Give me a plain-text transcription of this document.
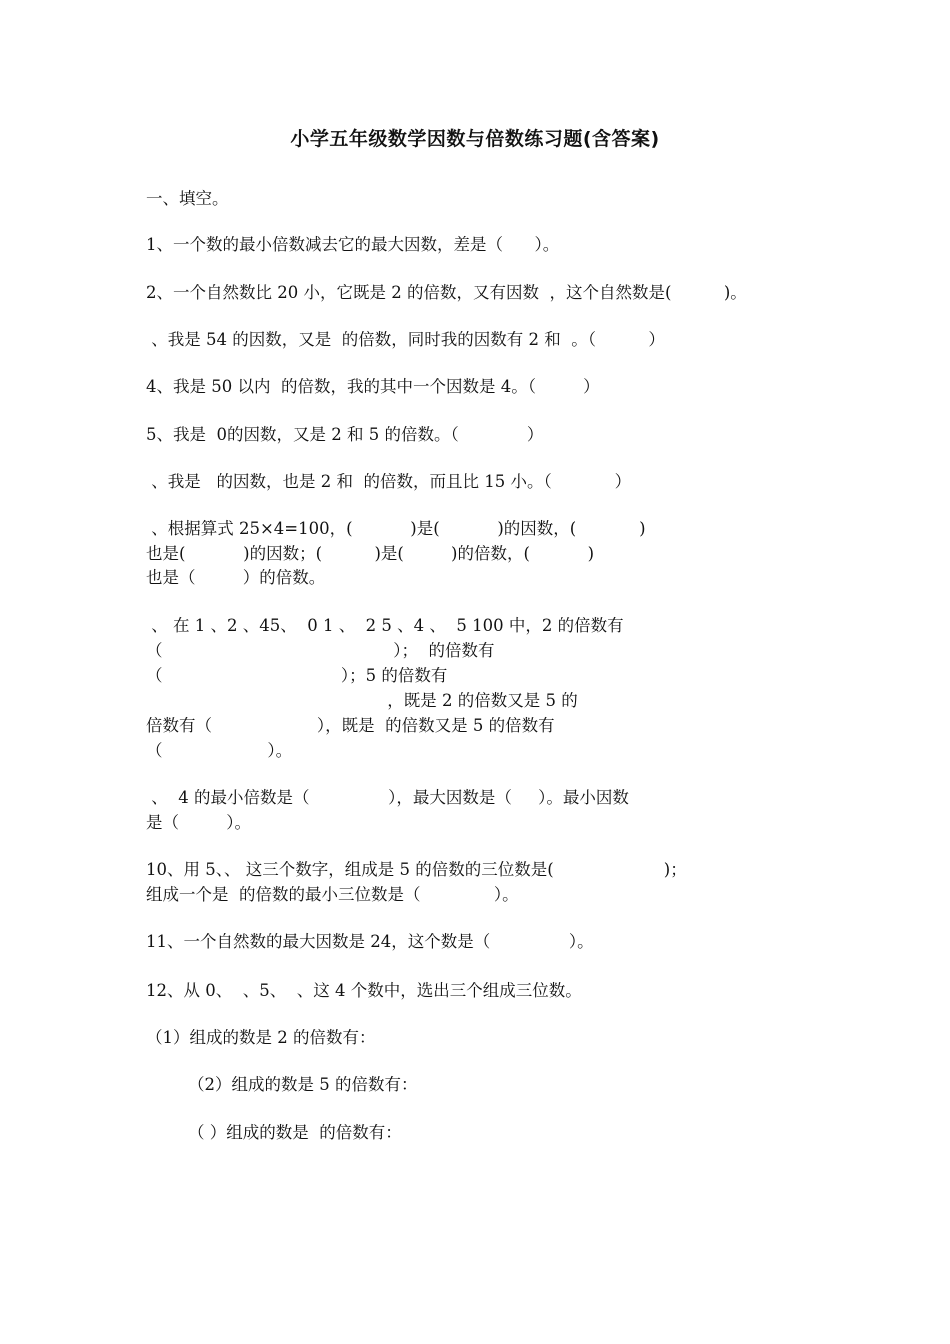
小学五年级数学因数与倍数练习题(含答案)
一、填空。
1、一个数的最小倍数减去它的最大因数，差是（      ）。
2、一个自然数比 20 小，它既是 2 的倍数，又有因数  ，这个自然数是(          )。
、我是 54 的因数，又是  的倍数，同时我的因数有 2 和  。（          ）
4、我是 50 以内  的倍数，我的其中一个因数是 4。（         ）
5、我是  0的因数，又是 2 和 5 的倍数。（             ）
、我是   的因数，也是 2 和  的倍数，而且比 15 小。（            ）
、根据算式 25×4=100，(           )是(           )的因数，(            )
也是(           )的因数；(          )是(         )的倍数，(           )
也是（         ）的倍数。
、 在 1 、2 、45、  0 1 、  2 5 、4 、  5 100 中，2 的倍数有
（                                            ）；  的倍数有
（                                  ）；5 的倍数有
，既是 2 的倍数又是 5 的
倍数有（                    ），既是  的倍数又是 5 的倍数有
（                    ）。
、  4 的最小倍数是（               ），最大因数是（     ）。最小因数
是（         ）。
10、用 5、、 这三个数字，组成是 5 的倍数的三位数是(                     )；
组成一个是  的倍数的最小三位数是（              ）。
11、一个自然数的最大因数是 24，这个数是（               ）。
12、从 0、  、5、  、这 4 个数中，选出三个组成三位数。
（1）组成的数是 2 的倍数有：
（2）组成的数是 5 的倍数有：
（ ）组成的数是  的倍数有：
